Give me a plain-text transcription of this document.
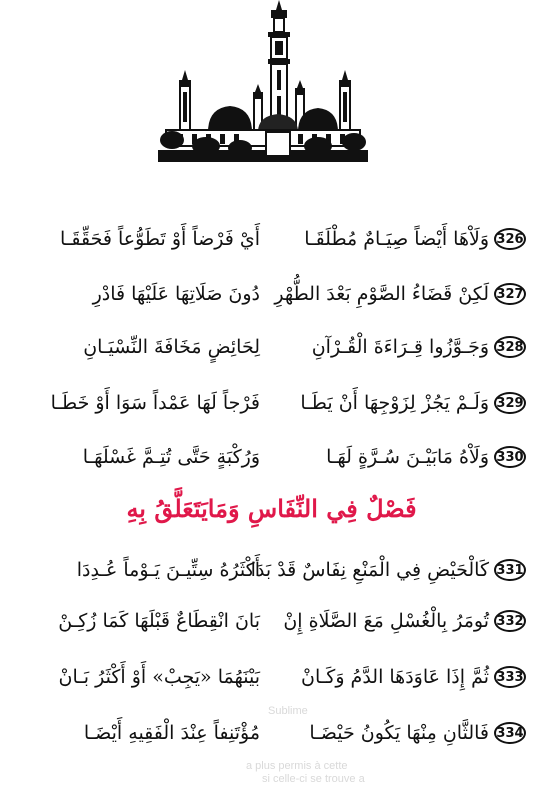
Sublime
a plus permis à cette
si celle-ci se trouve a
326
وَلَاْهَا أَيْضاً صِيَـامٌ مُطْلَقَـا
أَيْ فَرْضاً أَوْ تَطَوُّعاً فَحَقِّقَـا
327
لَكِنْ قَضَاءُ الصَّوْمِ بَعْدَ الطُّهْرِ
دُونَ صَلَاتِهَا عَلَيْهَا فَادْرِ
328
وَجَـوَّزُوا قِـرَاءَةَ الْقُـرْآنِ
لِحَائِضٍ مَخَافَةَ النِّسْيَـانِ
329
وَلَـمْ يَجُزْ لِزَوْجِهَا أَنْ يَطَـا
فَرْجاً لَهَا عَمْداً سَوَا أَوْ خَطَـا
330
وَلَاْهُ مَابَيْـنَ سُـرَّةٍ لَهَـا
وَرُكْبَةٍ حَتَّى تُتِـمَّ غَسْلَهَـا
فَصْلٌ فِي النِّفَاسِ وَمَايَتَعَلَّقُ بِهِ
331
كَالْحَيْضِ فِي الْمَنْعِ نِفَاسٌ قَدْ بَدَا
أَكْثَرُهُ سِتِّيـنَ يَـوْماً عُـدِدَا
332
تُومَرُ بِالْغُسْلِ مَعَ الصَّلَاةِ إِنْ
بَانَ انْقِطَاعٌ قَبْلَهَا كَمَا زُكِـنْ
333
ثُمَّ إِذَا عَاوَدَهَا الدَّمُ وَكَـانْ
بَيْنَهُمَا «يَجِبْ» أَوْ أَكْثَرُ بَـانْ
334
فَالثَّانِ مِنْهَا يَكُونُ حَيْضَـا
مُؤْتَنِفاً عِنْدَ الْفَقِيهِ أَيْضَـا
